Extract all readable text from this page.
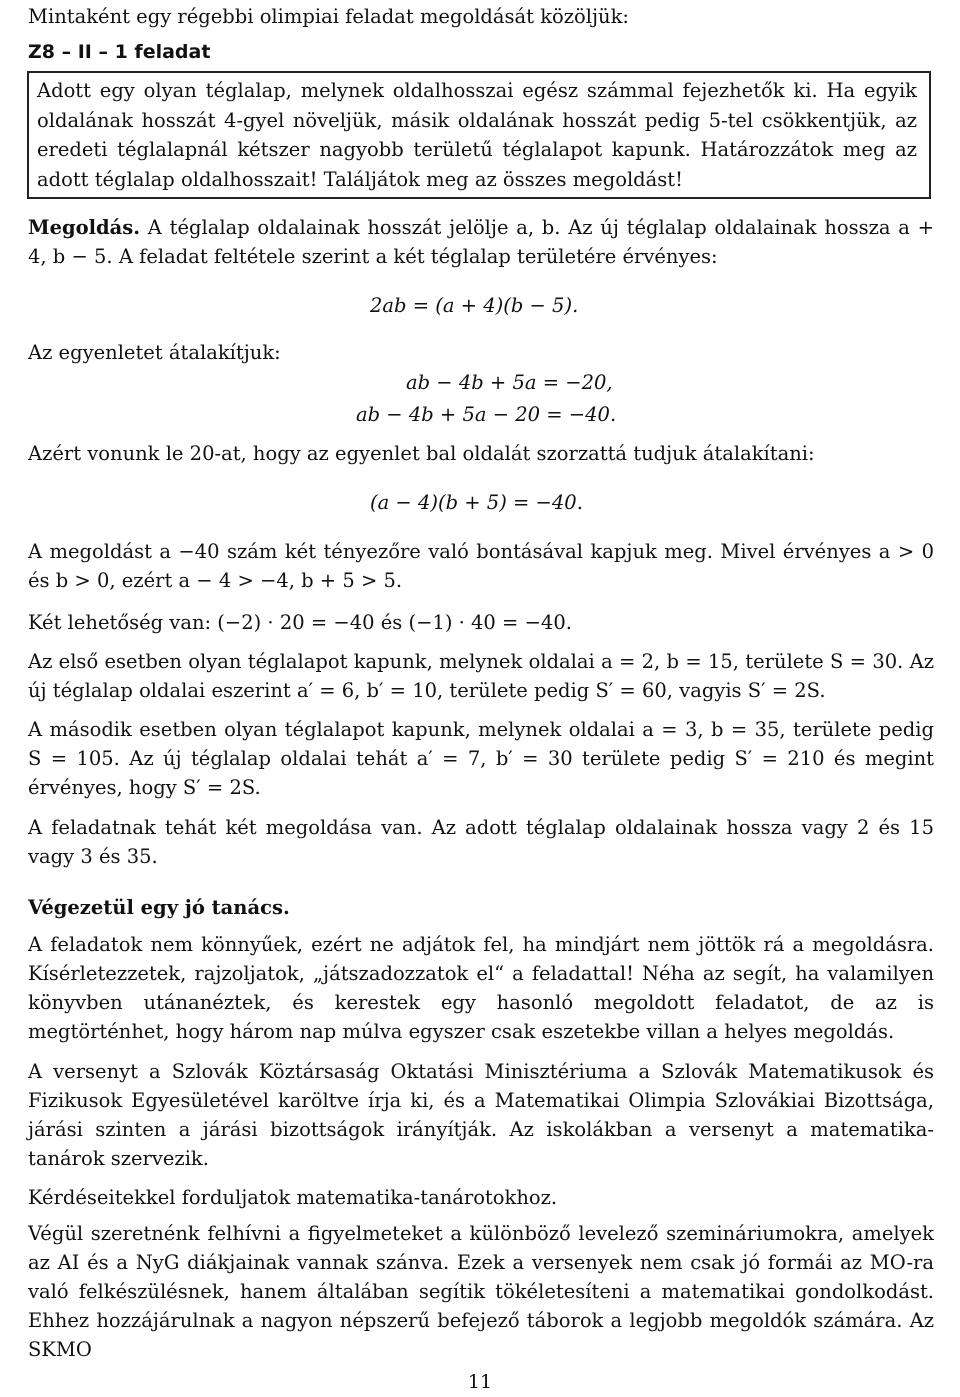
Mintaként egy régebbi olimpiai feladat megoldását közöljük:

Z8 – II – 1 feladat
Adott egy olyan téglalap, melynek oldalhosszai egész számmal fejezhetők ki. Ha egyik oldalának hosszát 4-gyel növeljük, másik oldalának hosszát pedig 5-tel csökkentjük, az eredeti téglalapnál kétszer nagyobb területű téglalapot kapunk. Határozzátok meg az adott téglalap oldalhosszait! Találjátok meg az összes megoldást!

Megoldás. A téglalap oldalainak hosszát jelölje a, b. Az új téglalap oldalainak hossza a + 4, b − 5. A feladat feltétele szerint a két téglalap területére érvényes:

2ab = (a + 4)(b − 5).

Az egyenletet átalakítjuk:

ab − 4b + 5a = −20,
ab − 4b + 5a − 20 = −40.

Azért vonunk le 20-at, hogy az egyenlet bal oldalát szorzattá tudjuk átalakítani:

(a − 4)(b + 5) = −40.

A megoldást a −40 szám két tényezőre való bontásával kapjuk meg. Mivel érvényes a > 0 és b > 0, ezért a − 4 > −4, b + 5 > 5.

Két lehetőség van: (−2) · 20 = −40 és (−1) · 40 = −40.

Az első esetben olyan téglalapot kapunk, melynek oldalai a = 2, b = 15, területe S = 30. Az új téglalap oldalai eszerint a′ = 6, b′ = 10, területe pedig S′ = 60, vagyis S′ = 2S.

A második esetben olyan téglalapot kapunk, melynek oldalai a = 3, b = 35, területe pedig S = 105. Az új téglalap oldalai tehát a′ = 7, b′ = 30 területe pedig S′ = 210 és megint érvényes, hogy S′ = 2S.

A feladatnak tehát két megoldása van. Az adott téglalap oldalainak hossza vagy 2 és 15 vagy 3 és 35.

Végezetül egy jó tanács.

A feladatok nem könnyűek, ezért ne adjátok fel, ha mindjárt nem jöttök rá a megoldásra. Kísérletezzetek, rajzoljatok, „játszadozzatok el“ a feladattal! Néha az segít, ha valamilyen könyvben utánanéztek, és kerestek egy hasonló megoldott feladatot, de az is megtörténhet, hogy három nap múlva egyszer csak eszetekbe villan a helyes megoldás.

A versenyt a Szlovák Köztársaság Oktatási Minisztériuma a Szlovák Matematikusok és Fizikusok Egyesületével karöltve írja ki, és a Matematikai Olimpia Szlovákiai Bizottsága, járási szinten a járási bizottságok irányítják. Az iskolákban a versenyt a matematika-tanárok szervezik.

Kérdéseitekkel forduljatok matematika-tanárotokhoz.

Végül szeretnénk felhívni a figyelmeteket a különböző levelező szemináriumokra, amelyek az AI és a NyG diákjainak vannak szánva. Ezek a versenyek nem csak jó formái az MO-ra való felkészülésnek, hanem általában segítik tökéletesíteni a matematikai gondolkodást. Ehhez hozzájárulnak a nagyon népszerű befejező táborok a legjobb megoldók számára. Az SKMO

11
